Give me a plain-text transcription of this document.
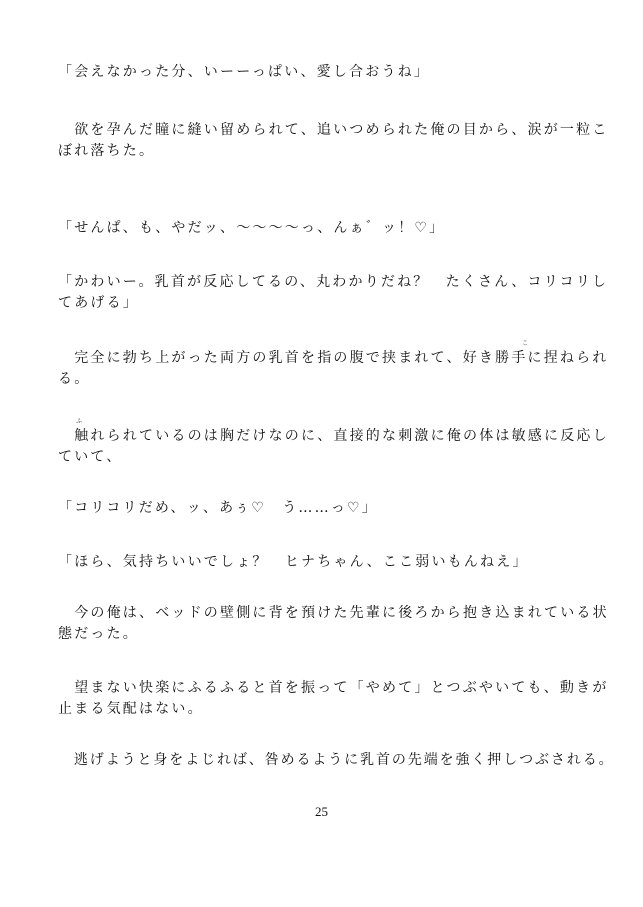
「会えなかった分、いーーっぱい、愛し合おうね」
　欲を孕んだ瞳に縫い留められて、追いつめられた俺の目から、涙が一粒こ
ぼれ落ちた。
「せんぱ、も、やだッ、〜〜〜〜っ、んぁ゛ッ！♡」
「かわいー。乳首が反応してるの、丸わかりだね？　たくさん、コリコリし
てあげる」
こ
　完全に勃ち上がった両方の乳首を指の腹で挟まれて、好き勝手に捏ねられ
る。
ふ
　触れられているのは胸だけなのに、直接的な刺激に俺の体は敏感に反応し
ていて、
「コリコリだめ、ッ、あぅ♡　う……っ♡」
「ほら、気持ちいいでしょ？　ヒナちゃん、ここ弱いもんねえ」
　今の俺は、ベッドの壁側に背を預けた先輩に後ろから抱き込まれている状
態だった。
　望まない快楽にふるふると首を振って「やめて」とつぶやいても、動きが
止まる気配はない。
　逃げようと身をよじれば、咎めるように乳首の先端を強く押しつぶされる。
25
